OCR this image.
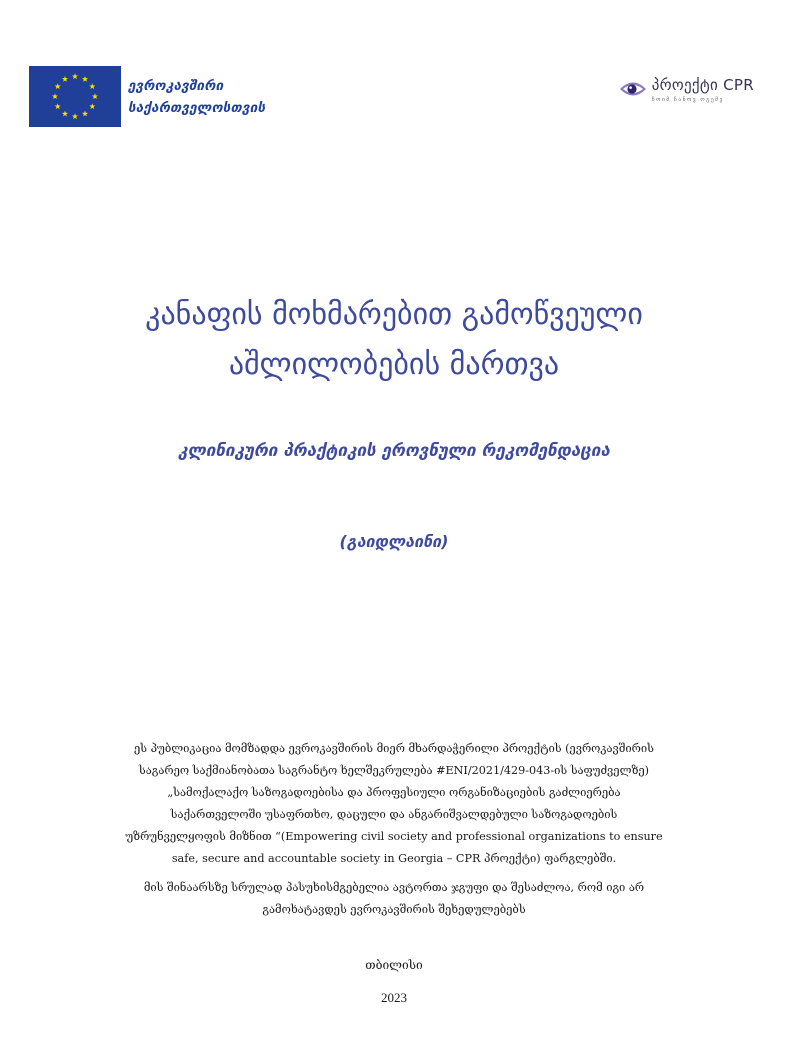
ევროკავშირი
საქართველოსთვის
პროექტი CPR
ჩოიმ ჩანოვ ოგემვ
კანაფის მოხმარებით გამოწვეული
აშლილობების მართვა
კლინიკური პრაქტიკის ეროვნული რეკომენდაცია
(გაიდლაინი)

ეს პუბლიკაცია მომზადდა ევროკავშირის მიერ მხარდაჭერილი პროექტის (ევროკავშირის
საგარეო საქმიანობათა საგრანტო ხელშეკრულება #ENI/2021/429-043-ის საფუძველზე)
„სამოქალაქო საზოგადოებისა და პროფესიული ორგანიზაციების გაძლიერება
საქართველოში უსაფრთხო, დაცული და ანგარიშვალდებული საზოგადოების
უზრუნველყოფის მიზნით “(Empowering civil society and professional organizations to ensure
safe, secure and accountable society in Georgia – CPR პროექტი) ფარგლებში.

მის შინაარსზე სრულად პასუხისმგებელია ავტორთა ჯგუფი და შესაძლოა, რომ იგი არ
გამოხატავდეს ევროკავშირის შეხედულებებს

თბილისი
2023
